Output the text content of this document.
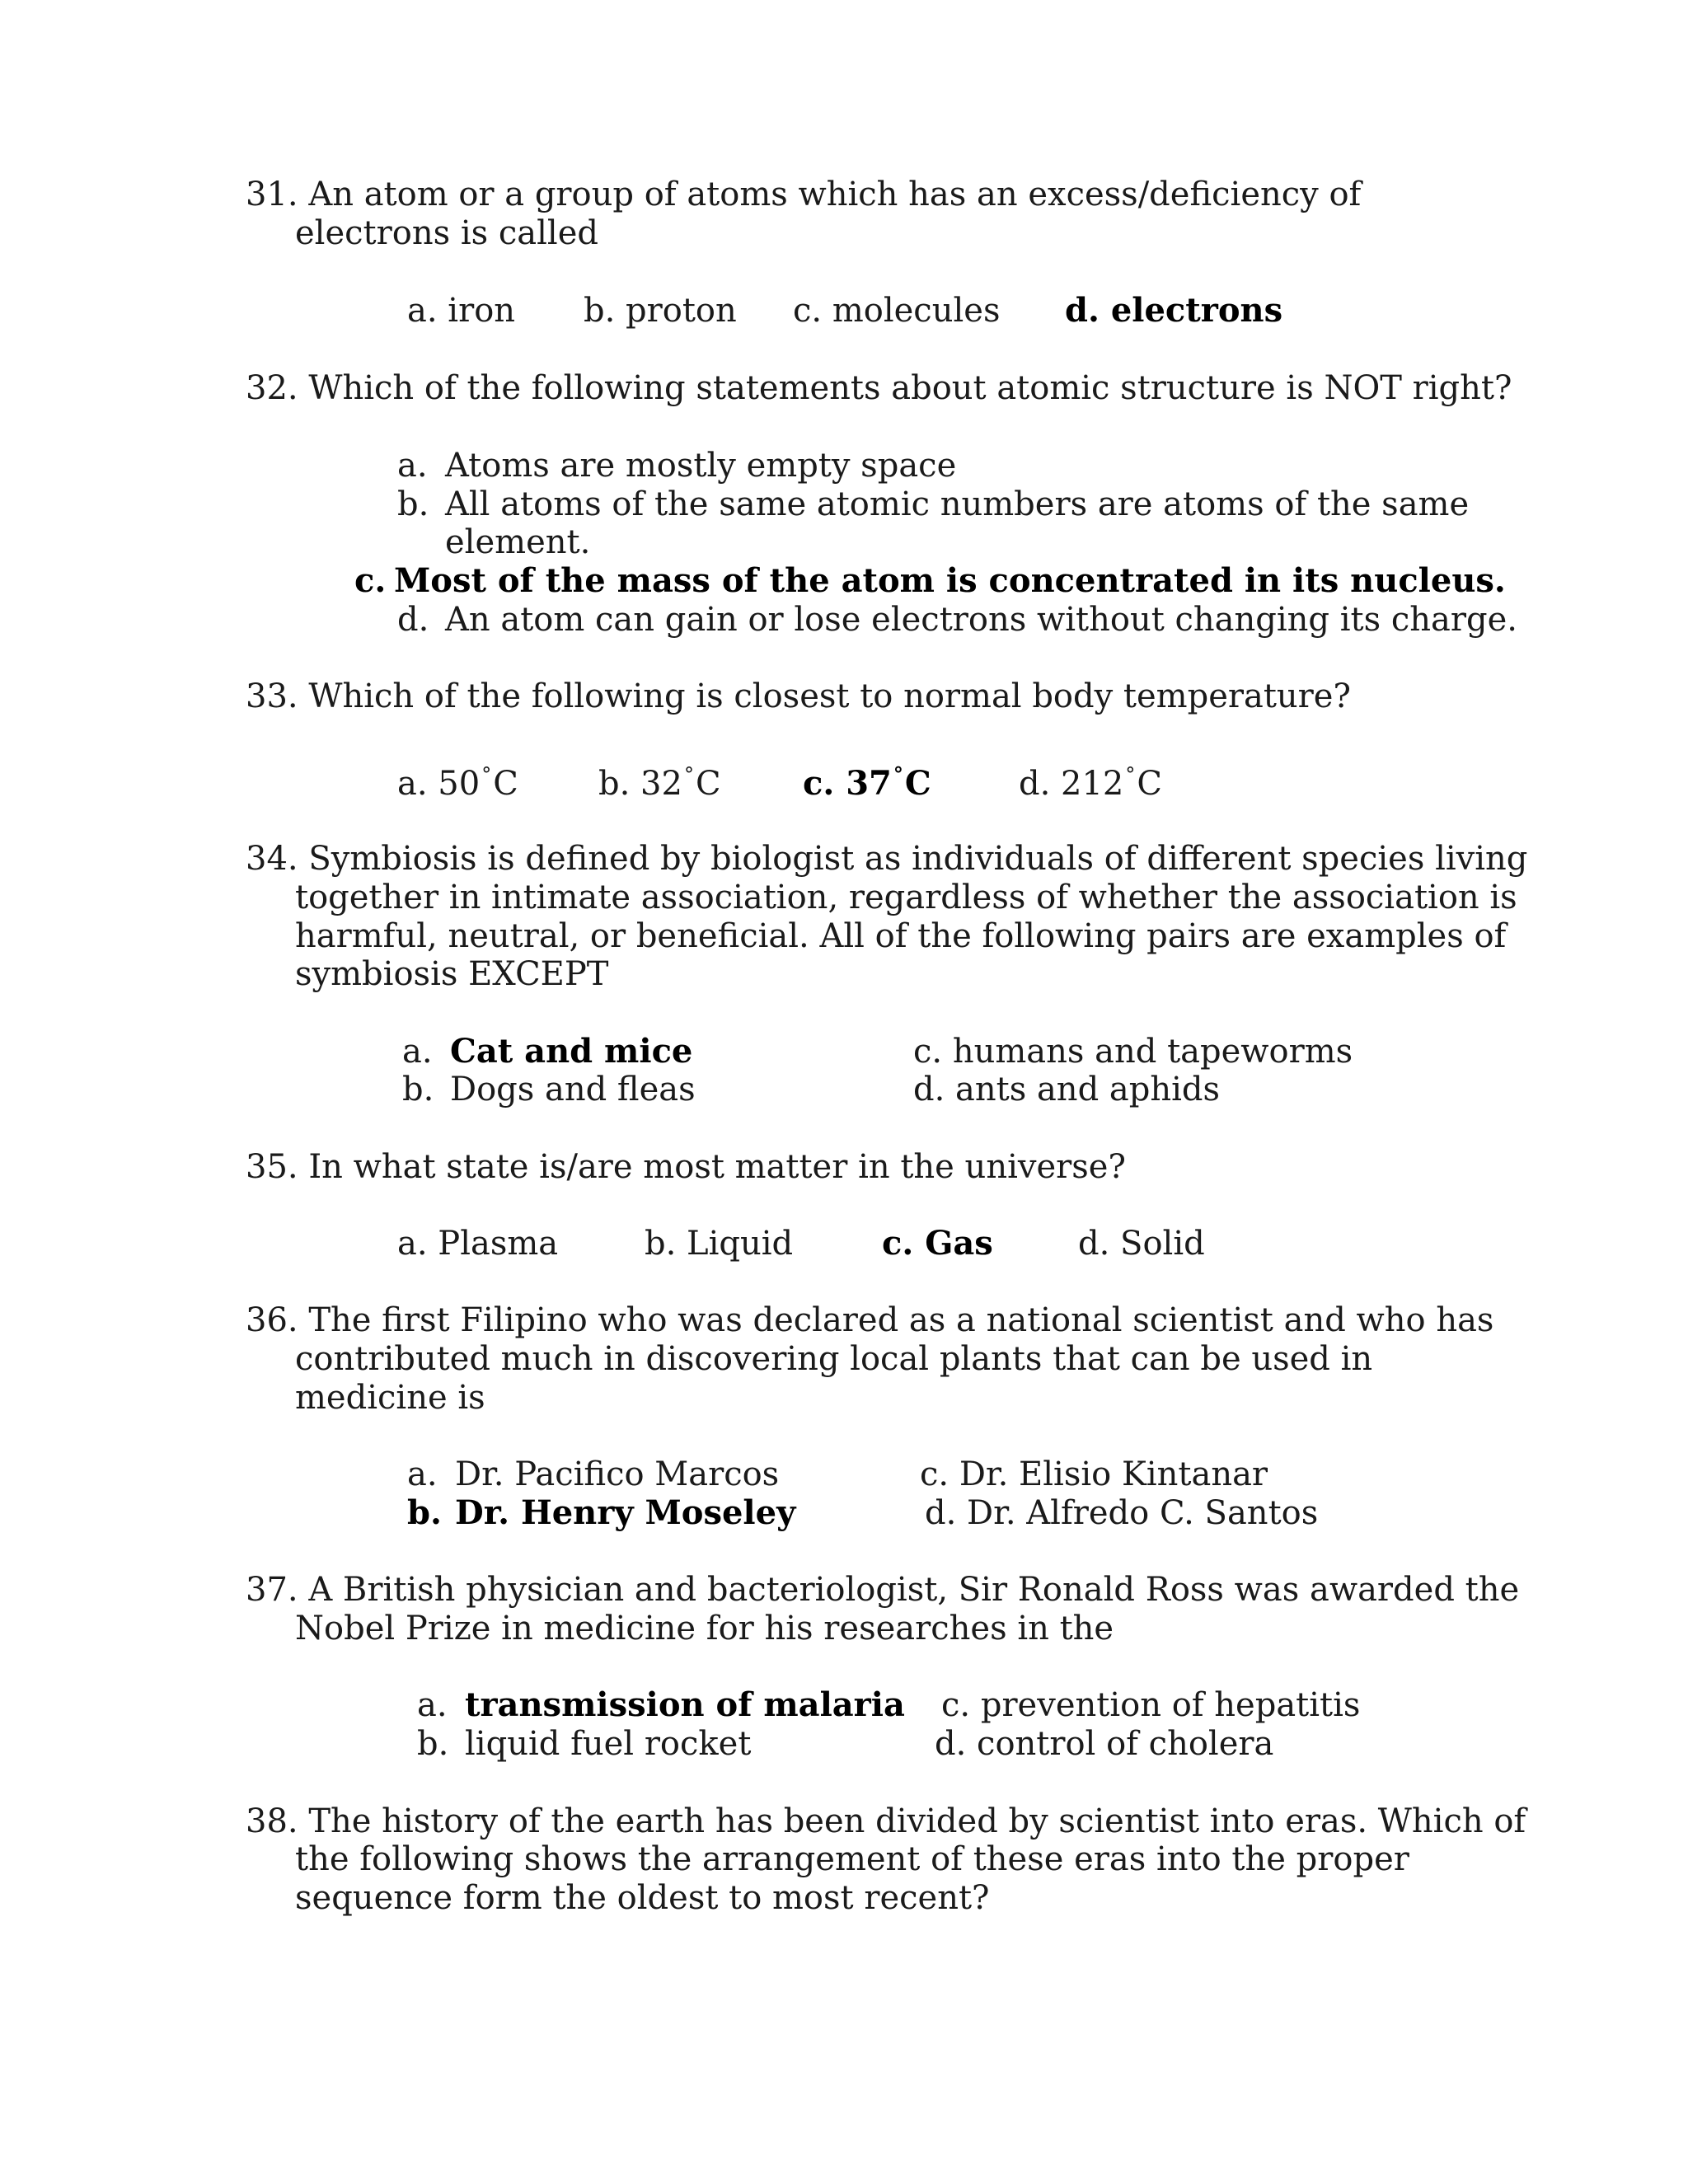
31. An atom or a group of atoms which has an excess/deficiency of
electrons is called
a. iron b. proton c. molecules d. electrons
32. Which of the following statements about atomic structure is NOT right?
a. Atoms are mostly empty space
b. All atoms of the same atomic numbers are atoms of the same
element.
c. Most of the mass of the atom is concentrated in its nucleus.
d. An atom can gain or lose electrons without changing its charge.
33. Which of the following is closest to normal body temperature?
a. 50°C b. 32°C c. 37°C	d. 212°C
34. Symbiosis is defined by biologist as individuals of different species living
together in intimate association, regardless of whether the association is
harmful, neutral, or beneficial. All of the following pairs are examples of
symbiosis EXCEPT
a. Cat and mice
b. Dogs and fleas
c. humans and tapeworms
d. ants and aphids
35. In what state is/are most matter in the universe?
a. Plasma	b. Liquid	c. Gas	d. Solid
36. The first Filipino who was declared as a national scientist and who has
contributed much in discovering local plants that can be used in
medicine is
a. Dr. Pacifico Marcos
b. Dr. Henry Moseley
c. Dr. Elisio Kintanar
d. Dr. Alfredo C. Santos
37. A British physician and bacteriologist, Sir Ronald Ross was awarded the
Nobel Prize in medicine for his researches in the
a. transmission of malaria
b. liquid fuel rocket
c. prevention of hepatitis
d. control of cholera
38. The history of the earth has been divided by scientist into eras. Which of
the following shows the arrangement of these eras into the proper
sequence form the oldest to most recent?
